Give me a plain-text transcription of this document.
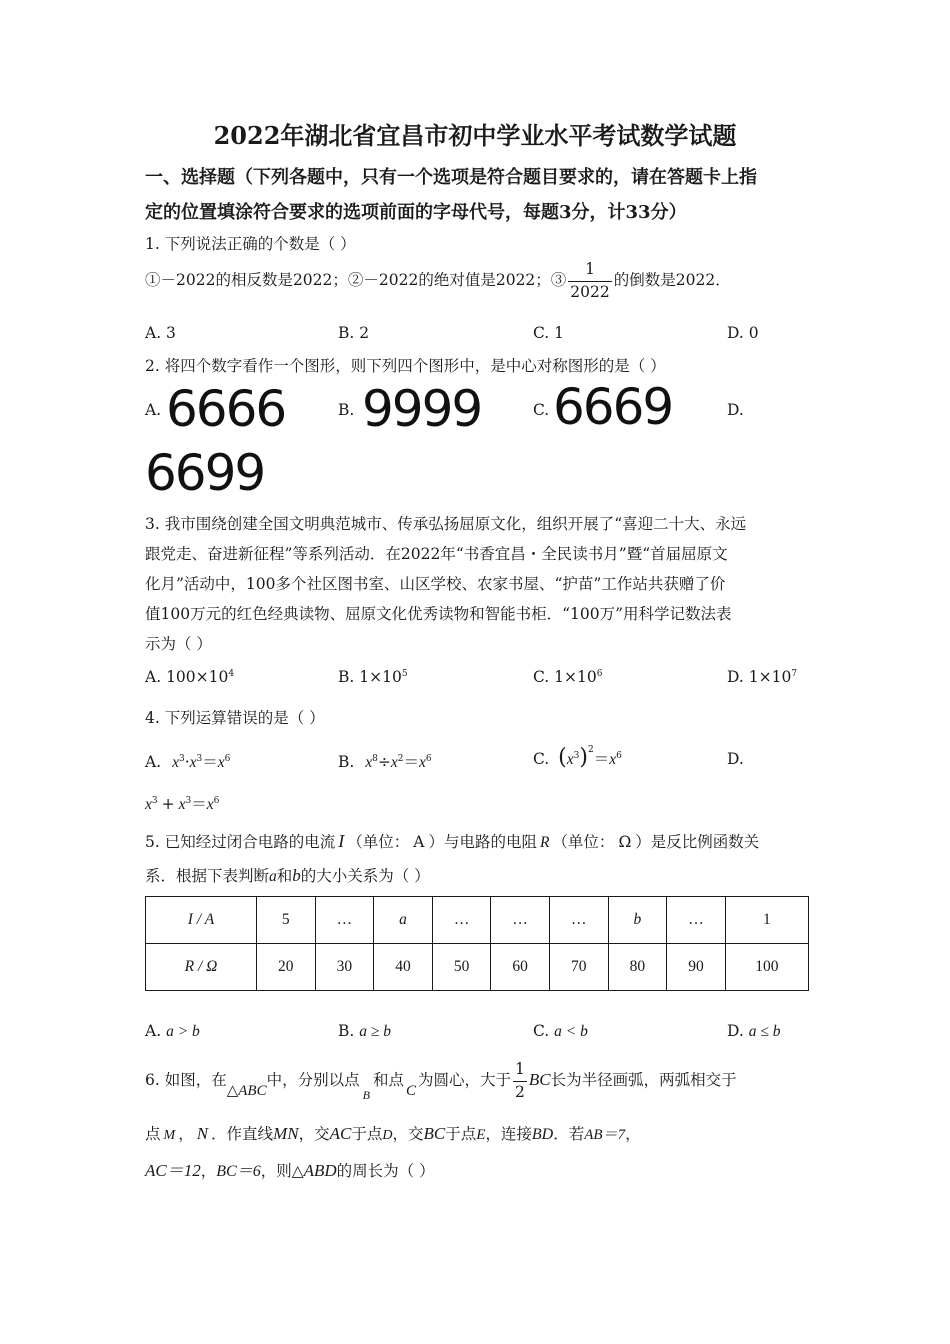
2022年湖北省宜昌市初中学业水平考试数学试题
一、选择题（下列各题中，只有一个选项是符合题目要求的，请在答题卡上指
定的位置填涂符合要求的选项前面的字母代号，每题3分，计33分）
1. 下列说法正确的个数是（ ）
①－2022的相反数是2022；②－2022的绝对值是2022；③ $\frac{1}{2022}$ 的倒数是2022．
A. 3	B. 2	C. 1	D. 0
2. 将四个数字看作一个图形，则下列四个图形中，是中心对称图形的是（ ）
A. 6666	B. 9999	C. 6669	D.
6699
3. 我市围绕创建全国文明典范城市、传承弘扬屈原文化，组织开展了“喜迎二十大、永远
跟党走、奋进新征程”等系列活动．在2022年“书香宜昌・全民读书月”暨“首届屈原文
化月”活动中，100多个社区图书室、山区学校、农家书屋、“护苗”工作站共获赠了价
值100万元的红色经典读物、屈原文化优秀读物和智能书柜．“100万”用科学记数法表
示为（ ）
A. $100\times 10^4$	B. $1\times 10^5$	C. $1\times 10^6$	D. $1\times 10^7$
4. 下列运算错误的是（ ）
A. $x^3\cdot x^3=x^6$	B. $x^8\div x^2=x^6$	C. $(x^3)^2=x^6$	D.
$x^3 + x^3=x^6$
5. 已知经过闭合电路的电流 I （单位： A ）与电路的电阻 R （单位： Ω ）是反比例函数关
系．根据下表判断a和b的大小关系为（ ）
I / A	5	…	a	…	…	…	b	…	1
R / Ω	20	30	40	50	60	70	80	90	100
A. a > b	B. a ≥ b	C. a < b	D. a ≤ b
6. 如图，在△ABC中，分别以点$_B$和点C为圆心，大于 $\frac{1}{2}$ BC长为半径画弧，两弧相交于
点 M ， N ．作直线MN，交AC于点D，交BC于点E，连接BD．若AB＝7，
AC＝12，BC＝6，则△ABD的周长为（ ）
